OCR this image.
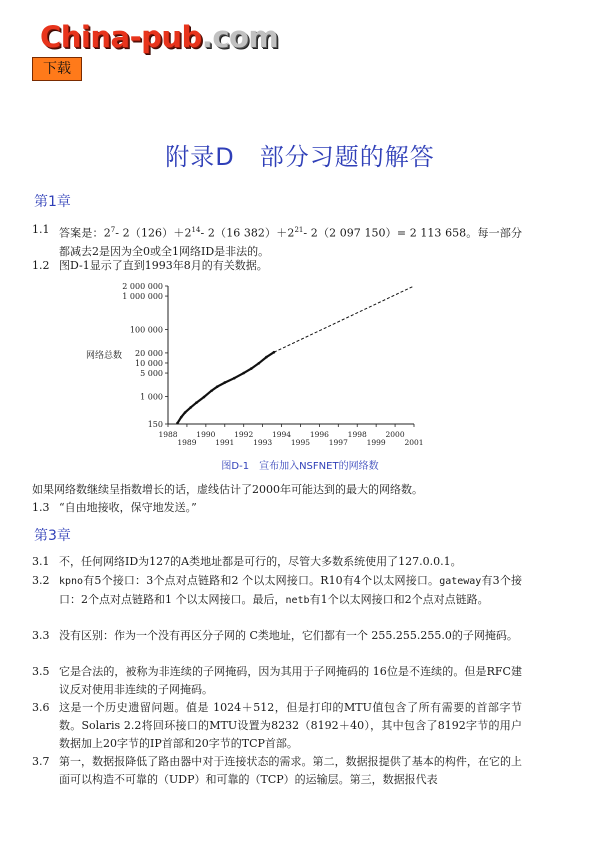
China-pub.com
下载
附录D　部分习题的解答
第1章
1.1 答案是：$2^7-$ $2(126)+2^{14}-$ 2（16 $382)+2^{21}-$ 2（2 097 150）= 2 113 658。每一部分都减去2是因为全0或全1网络ID是非法的。
1.2 图D-1显示了直到1993年8月的有关数据。
网络总数
150
1 000
5 000
10 000
20 000
100 000
1 000 000
2 000 000
1988
1989
1990
1991
1992
1993
1994
1995
1996
1997
1998
1999
2000
2001
图D-1　宣布加入NSFNET的网络数
如果网络数继续呈指数增长的话，虚线估计了2000年可能达到的最大的网络数。
1.3 “自由地接收，保守地发送。”
第3章
3.1 不，任何网络ID为127的A类地址都是可行的，尽管大多数系统使用了127.0.0.1。
3.2 kpno有5个接口：3个点对点链路和2 个以太网接口。R10有4个以太网接口。gateway有3个接口：2个点对点链路和1 个以太网接口。最后，netb有1个以太网接口和2个点对点链路。
3.3 没有区别：作为一个没有再区分子网的 C类地址，它们都有一个 255.255.255.0的子网掩码。
3.5 它是合法的，被称为非连续的子网掩码，因为其用于子网掩码的 16位是不连续的。但是RFC建议反对使用非连续的子网掩码。
3.6 这是一个历史遗留问题。值是 1024＋512，但是打印的MTU值包含了所有需要的首部字节数。Solaris 2.2将回环接口的MTU设置为8232（8192＋40），其中包含了8192字节的用户数据加上20字节的IP首部和20字节的TCP首部。
3.7 第一，数据报降低了路由器中对于连接状态的需求。第二，数据报提供了基本的构件，在它的上面可以构造不可靠的（UDP）和可靠的（TCP）的运输层。第三，数据报代表
